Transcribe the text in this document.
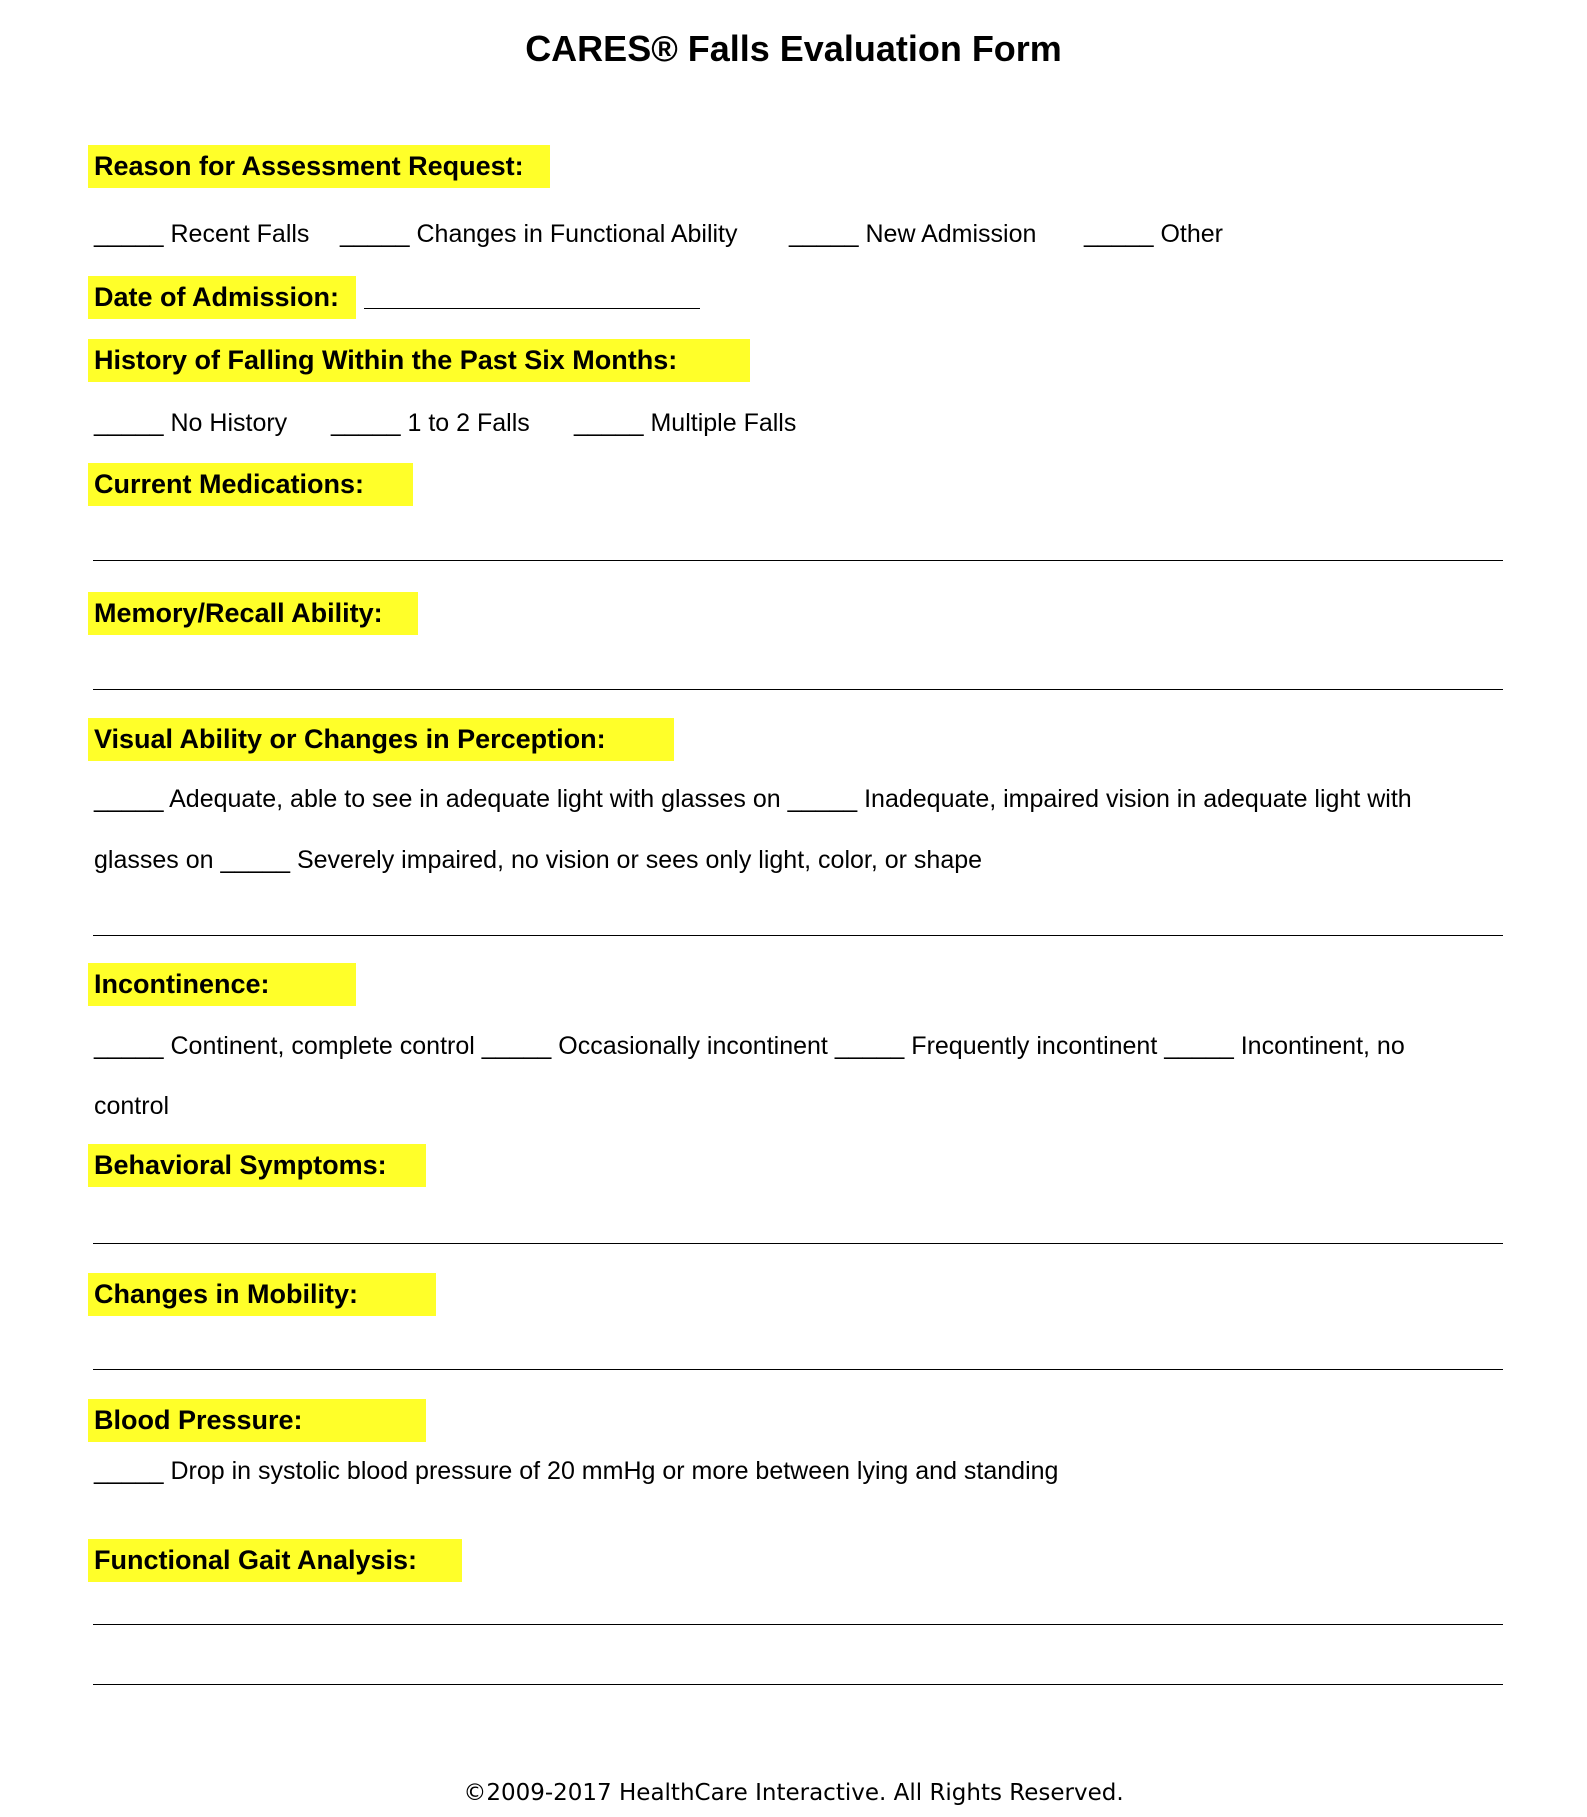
CARES® Falls Evaluation Form
Reason for Assessment Request:
_____ Recent Falls _____ Changes in Functional Ability _____ New Admission _____ Other
Date of Admission:
History of Falling Within the Past Six Months:
_____ No History _____ 1 to 2 Falls _____ Multiple Falls
Current Medications:
Memory/Recall Ability:
Visual Ability or Changes in Perception:
_____ Adequate, able to see in adequate light with glasses on _____ Inadequate, impaired vision in adequate light with
glasses on _____ Severely impaired, no vision or sees only light, color, or shape
Incontinence:
_____ Continent, complete control _____ Occasionally incontinent _____ Frequently incontinent _____ Incontinent, no
control
Behavioral Symptoms:
Changes in Mobility:
Blood Pressure:
_____ Drop in systolic blood pressure of 20 mmHg or more between lying and standing
Functional Gait Analysis:
©2009-2017 HealthCare Interactive. All Rights Reserved.
